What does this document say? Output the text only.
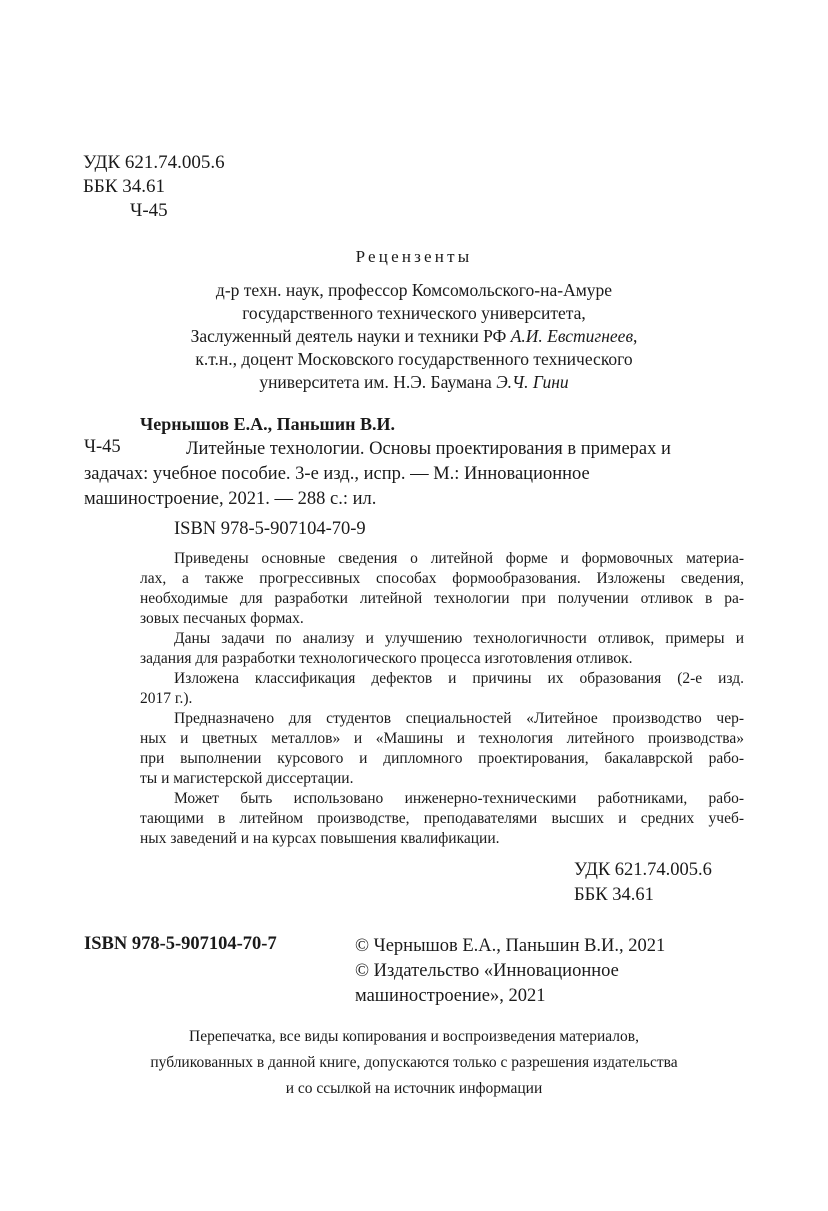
УДК 621.74.005.6
ББК 34.61
Ч-45
Рецензенты
д-р техн. наук, профессор Комсомольского-на-Амуре
государственного технического университета,
Заслуженный деятель науки и техники РФ А.И. Евстигнеев,
к.т.н., доцент Московского государственного технического
университета им. Н.Э. Баумана Э.Ч. Гини
Чернышов Е.А., Паньшин В.И.
Ч-45	Литейные технологии. Основы проектирования в примерах и
задачах: учебное пособие. 3-е изд., испр. — М.: Инновационное
машиностроение, 2021. — 288 с.: ил.
ISBN 978-5-907104-70-9
Приведены основные сведения о литейной форме и формовочных материа-
лах, а также прогрессивных способах формообразования. Изложены сведения,
необходимые для разработки литейной технологии при получении отливок в ра-
зовых песчаных формах.
Даны задачи по анализу и улучшению технологичности отливок, примеры и
задания для разработки технологического процесса изготовления отливок.
Изложена классификация дефектов и причины их образования (2-е изд.
2017 г.).
Предназначено для студентов специальностей «Литейное производство чер-
ных и цветных металлов» и «Машины и технология литейного производства»
при выполнении курсового и дипломного проектирования, бакалаврской рабо-
ты и магистерской диссертации.
Может быть использовано инженерно-техническими работниками, рабо-
тающими в литейном производстве, преподавателями высших и средних учеб-
ных заведений и на курсах повышения квалификации.
УДК 621.74.005.6
ББК 34.61
ISBN 978-5-907104-70-7	© Чернышов Е.А., Паньшин В.И., 2021
© Издательство «Инновационное
машиностроение», 2021
Перепечатка, все виды копирования и воспроизведения материалов,
публикованных в данной книге, допускаются только с разрешения издательства
и со ссылкой на источник информации
